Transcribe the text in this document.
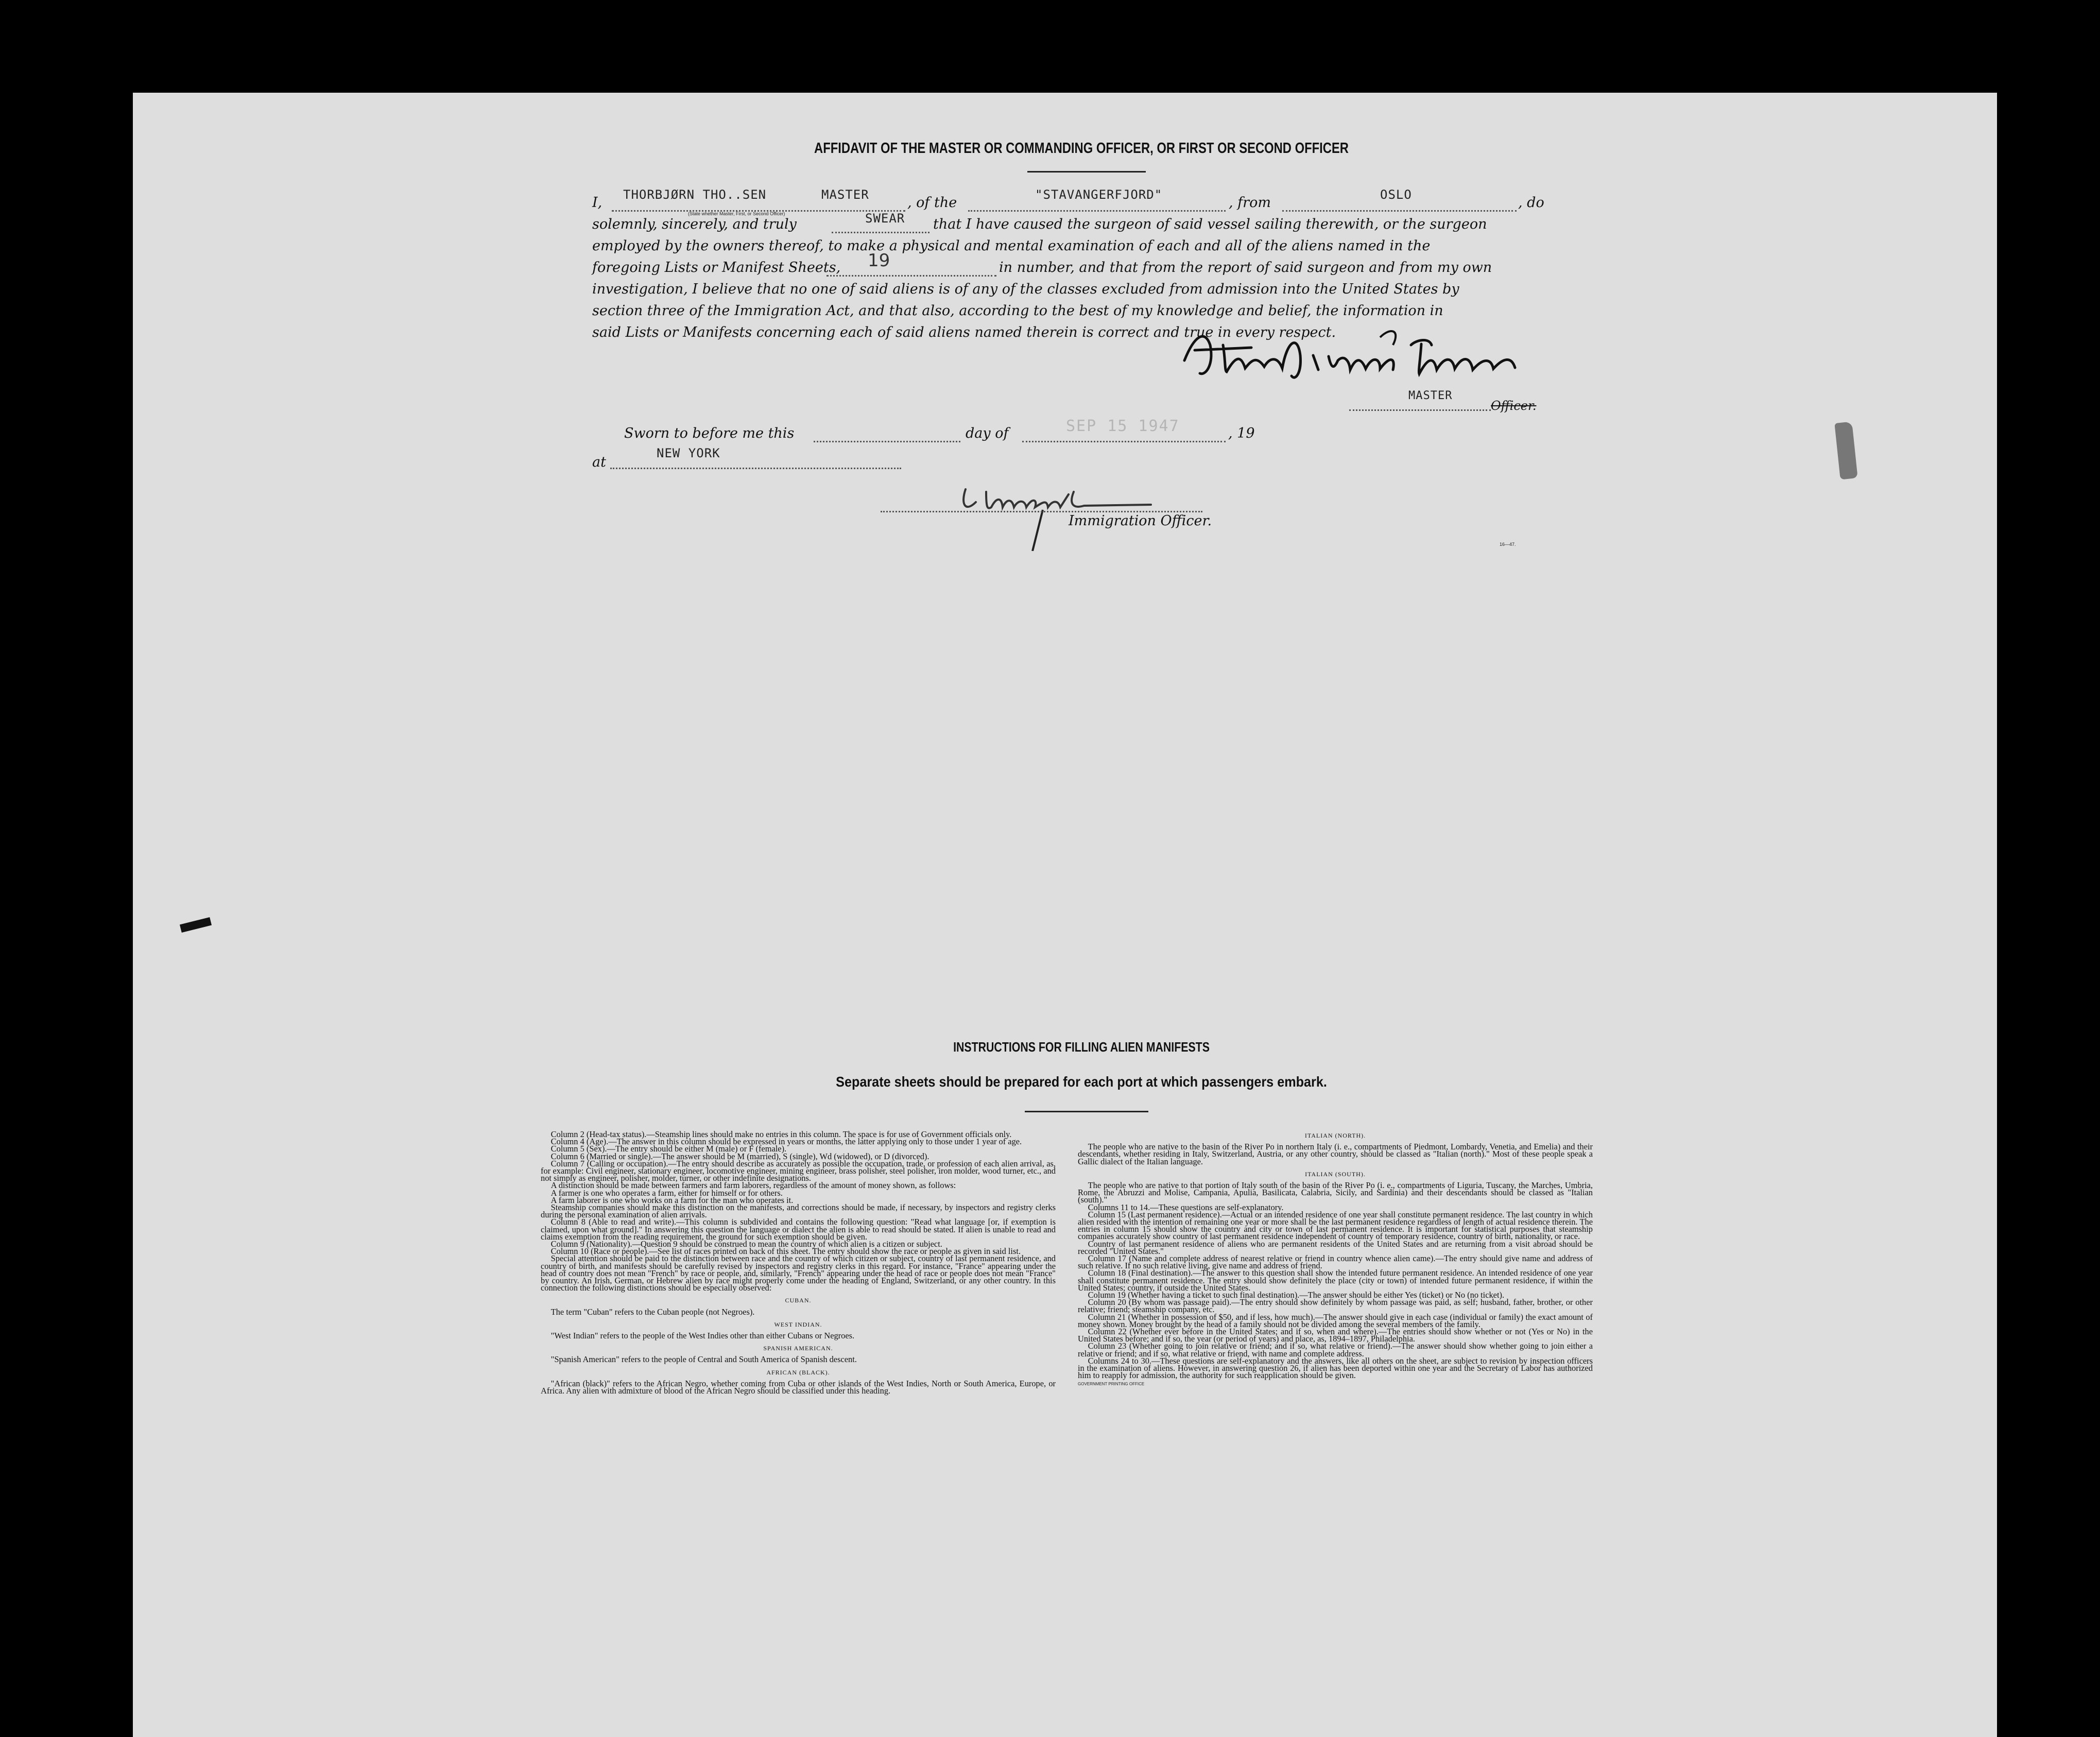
AFFIDAVIT OF THE MASTER OR COMMANDING OFFICER, OR FIRST OR SECOND OFFICER
I, THORBJØRN THO..SEN	MASTER	, of the	"STAVANGERFJORD"	, from	OSLO	, do
(State whether Master, First, or Second Officer)
solemnly, sincerely, and truly	SWEAR that I have caused the surgeon of said vessel sailing therewith, or the surgeon
employed by the owners thereof, to make a physical and mental examination of each and all of the aliens named in the
foregoing Lists or Manifest Sheets, 19	in number, and that from the report of said surgeon and from my own
investigation, I believe that no one of said aliens is of any of the classes excluded from admission into the United States by
section three of the Immigration Act, and that also, according to the best of my knowledge and belief, the information in
said Lists or Manifests concerning each of said aliens named therein is correct and true in every respect.
MASTER
Officer.
Sworn to before me this	day of	SEP 15 1947	, 19
at
NEW YORK
Immigration Officer.
16—47.
INSTRUCTIONS FOR FILLING ALIEN MANIFESTS
Separate sheets should be prepared for each port at which passengers embark.

Column 2 (Head-tax status).—Steamship lines should make no entries in this column. The space is for use of Government officials only.

Column 4 (Age).—The answer in this column should be expressed in years or months, the latter applying only to those under 1 year of age.

Column 5 (Sex).—The entry should be either M (male) or F (female).

Column 6 (Married or single).—The answer should be M (married), S (single), Wd (widowed), or D (divorced).

Column 7 (Calling or occupation).—The entry should describe as accurately as possible the occupation, trade, or profession of each alien arrival, as, for example: Civil engineer, stationary engineer, locomotive engineer, mining engineer, brass polisher, steel polisher, iron molder, wood turner, etc., and not simply as engineer, polisher, molder, turner, or other indefinite designations.

A distinction should be made between farmers and farm laborers, regardless of the amount of money shown, as follows:

A farmer is one who operates a farm, either for himself or for others.

A farm laborer is one who works on a farm for the man who operates it.

Steamship companies should make this distinction on the manifests, and corrections should be made, if necessary, by inspectors and registry clerks during the personal examination of alien arrivals.

Column 8 (Able to read and write).—This column is subdivided and contains the following question: "Read what language [or, if exemption is claimed, upon what ground]." In answering this question the language or dialect the alien is able to read should be stated. If alien is unable to read and claims exemption from the reading requirement, the ground for such exemption should be given.

Column 9 (Nationality).—Question 9 should be construed to mean the country of which alien is a citizen or subject.

Column 10 (Race or people).—See list of races printed on back of this sheet. The entry should show the race or people as given in said list.

Special attention should be paid to the distinction between race and the country of which citizen or subject, country of last permanent residence, and country of birth, and manifests should be carefully revised by inspectors and registry clerks in this regard. For instance, "France" appearing under the head of country does not mean "French" by race or people, and, similarly, "French" appearing under the head of race or people does not mean "France" by country. An Irish, German, or Hebrew alien by race might properly come under the heading of England, Switzerland, or any other country. In this connection the following distinctions should be especially observed:

CUBAN.

The term "Cuban" refers to the Cuban people (not Negroes).

WEST INDIAN.

"West Indian" refers to the people of the West Indies other than either Cubans or Negroes.

SPANISH AMERICAN.

"Spanish American" refers to the people of Central and South America of Spanish descent.

AFRICAN (BLACK).

"African (black)" refers to the African Negro, whether coming from Cuba or other islands of the West Indies, North or South America, Europe, or Africa. Any alien with admixture of blood of the African Negro should be classified under this heading.

ITALIAN (NORTH).

The people who are native to the basin of the River Po in northern Italy (i. e., compartments of Piedmont, Lombardy, Venetia, and Emelia) and their descendants, whether residing in Italy, Switzerland, Austria, or any other country, should be classed as "Italian (north)." Most of these people speak a Gallic dialect of the Italian language.

ITALIAN (SOUTH).

The people who are native to that portion of Italy south of the basin of the River Po (i. e., compartments of Liguria, Tuscany, the Marches, Umbria, Rome, the Abruzzi and Molise, Campania, Apulia, Basilicata, Calabria, Sicily, and Sardinia) and their descendants should be classed as "Italian (south)."

Columns 11 to 14.—These questions are self-explanatory.

Column 15 (Last permanent residence).—Actual or an intended residence of one year shall constitute permanent residence. The last country in which alien resided with the intention of remaining one year or more shall be the last permanent residence regardless of length of actual residence therein. The entries in column 15 should show the country and city or town of last permanent residence. It is important for statistical purposes that steamship companies accurately show country of last permanent residence independent of country of temporary residence, country of birth, nationality, or race.

Country of last permanent residence of aliens who are permanent residents of the United States and are returning from a visit abroad should be recorded "United States."

Column 17 (Name and complete address of nearest relative or friend in country whence alien came).—The entry should give name and address of such relative. If no such relative living, give name and address of friend.

Column 18 (Final destination).—The answer to this question shall show the intended future permanent residence. An intended residence of one year shall constitute permanent residence. The entry should show definitely the place (city or town) of intended future permanent residence, if within the United States; country, if outside the United States.

Column 19 (Whether having a ticket to such final destination).—The answer should be either Yes (ticket) or No (no ticket).

Column 20 (By whom was passage paid).—The entry should show definitely by whom passage was paid, as self; husband, father, brother, or other relative; friend; steamship company, etc.

Column 21 (Whether in possession of $50, and if less, how much).—The answer should give in each case (individual or family) the exact amount of money shown. Money brought by the head of a family should not be divided among the several members of the family.

Column 22 (Whether ever before in the United States; and if so, when and where).—The entries should show whether or not (Yes or No) in the United States before; and if so, the year (or period of years) and place, as, 1894–1897, Philadelphia.

Column 23 (Whether going to join relative or friend; and if so, what relative or friend).—The answer should show whether going to join either a relative or friend; and if so, what relative or friend, with name and complete address.

Columns 24 to 30.—These questions are self-explanatory and the answers, like all others on the sheet, are subject to revision by inspection officers in the examination of aliens. However, in answering question 26, if alien has been deported within one year and the Secretary of Labor has authorized him to reapply for admission, the authority for such reapplication should be given.

GOVERNMENT PRINTING OFFICE
